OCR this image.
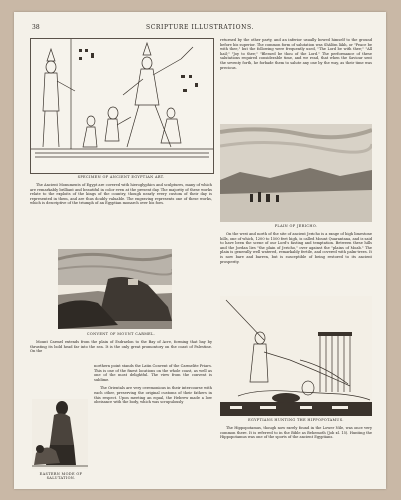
38	SCRIPTURE ILLUSTRATIONS.
SPECIMEN OF ANCIENT EGYPTIAN ART.

The Ancient Monuments of Egypt are covered with hieroglyphics and sculptures, many of which are remarkably brilliant and beautiful in color even at the present day. The majority of these works relate to the exploits of the kings of the country, though nearly every custom of their day is represented in them, and are thus doubly valuable. The engraving represents one of these works, which is descriptive of the triumph of an Egyptian monarch over his foes.

CONVENT OF MOUNT CARMEL.

Mount Carmel extends from the plain of Esdraelon to the Bay of Acre, forming that bay by thrusting its bold head far into the sea. It is the only great promontory on the coast of Palestine. On the

EASTERN MODE OF SALUTATION.

northern point stands the Latin Convent of the Carmelite Friars. This is one of the finest locations on the whole coast, as well as one of the most delightful. The view from the convent is sublime.

The Orientals are very ceremonious in their intercourse with each other, preserving the original customs of their fathers in this respect. Upon meeting an equal, the Hebrew made a low obeisance with the body, which was scrupulously

returned by the other party, and an inferior usually bowed himself to the ground before his superior. The common form of salutation was Shālōm lākh, or "Peace be with thee," but the following were frequently used, "The Lord be with thee;" "All hail;" "Joy to thee;" "Blessed be thou of the Lord." The performance of these salutations required considerable time, and we read, that when the Saviour sent the seventy forth, he forbade them to salute any one by the way, as their time was precious.

PLAIN OF JERICHO.

On the west and north of the site of ancient Jericho is a range of high limestone hills, one of which, 1200 to 1500 feet high, is called Mount Quarantana, and is said to have been the scene of our Lord's fasting and temptation. Between these hills and the Jordan lies "the plain of Jericho," over against the "plains of Moab." The plain is generally well watered, remarkably fertile, and covered with palm-trees. It is now bare and barren, but is susceptible of being restored to its ancient prosperity.

EGYPTIANS HUNTING THE HIPPOPOTAMUS.

The Hippopotamus, though now rarely found in the Lower Nile, was once very common there. It is referred to in the Bible as Behemoth (Job xl. 15). Hunting the Hippopotamus was one of the sports of the ancient Egyptians.
